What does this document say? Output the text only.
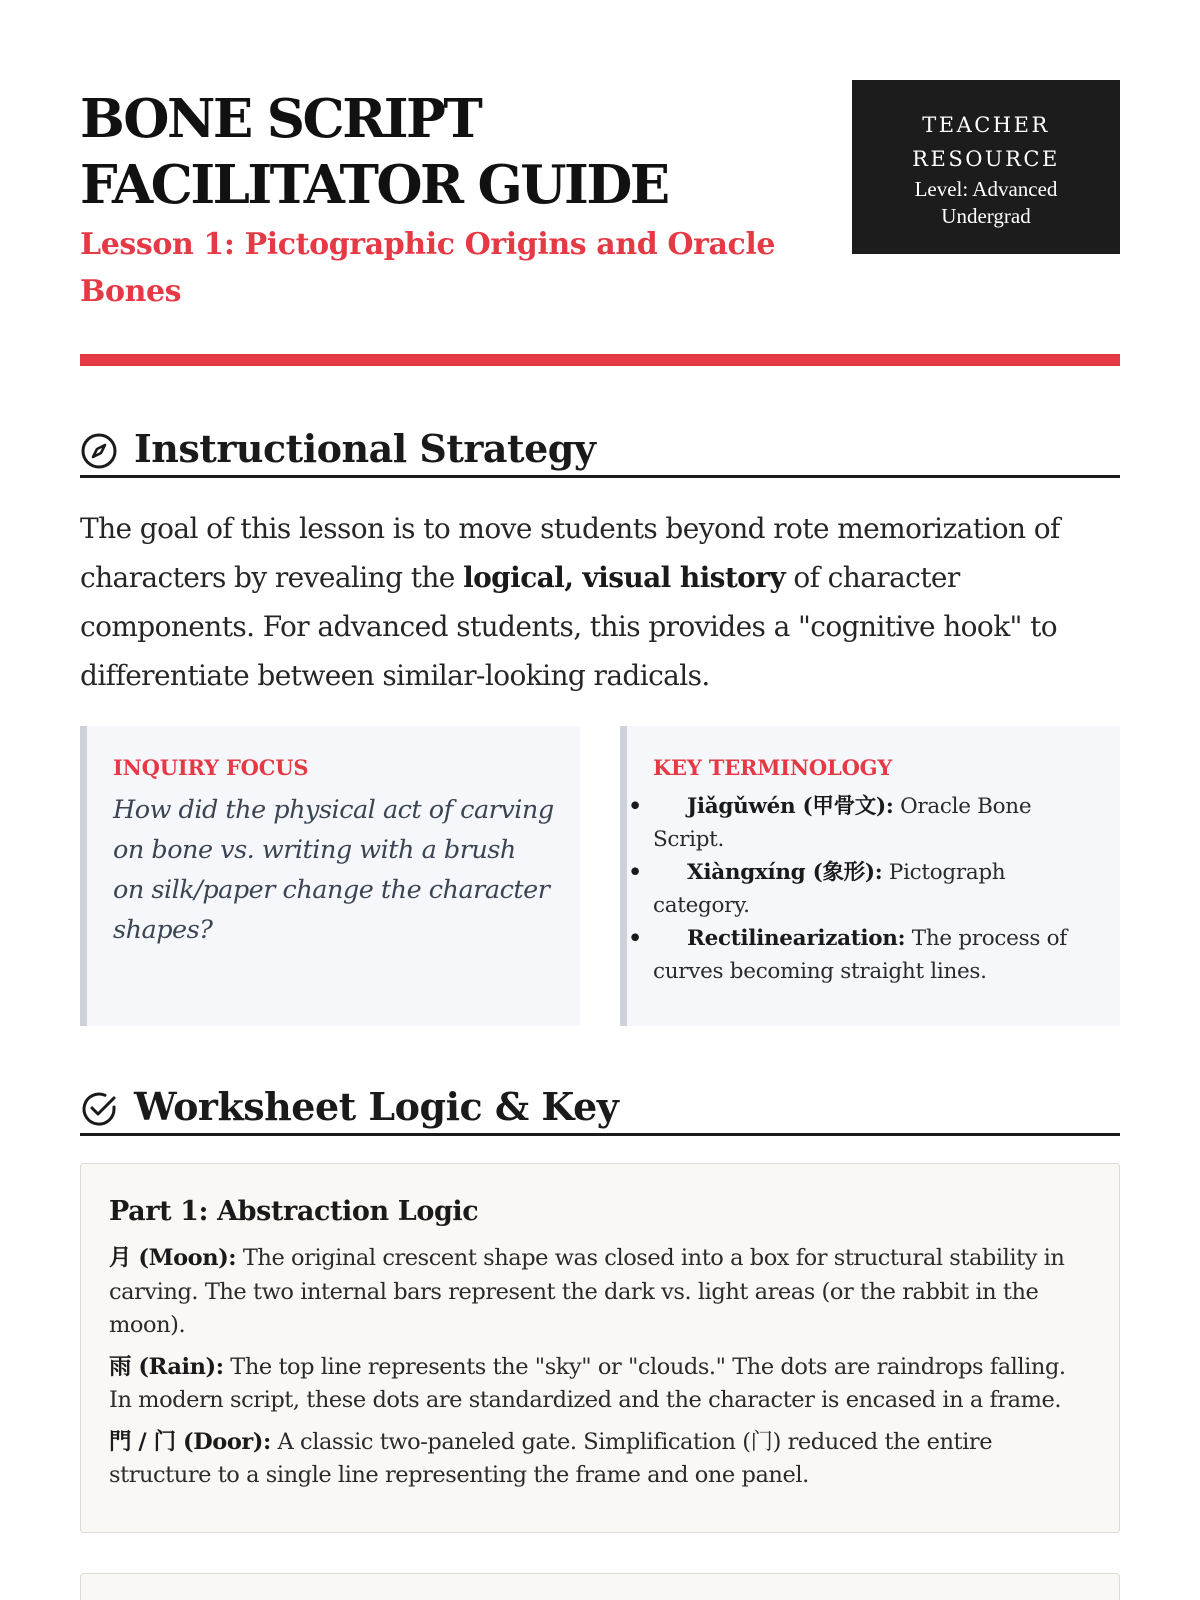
BONE SCRIPT
FACILITATOR GUIDE
Lesson 1: Pictographic Origins and Oracle Bones
TEACHER
RESOURCE
Level: Advanced
Undergrad
Instructional Strategy

The goal of this lesson is to move students beyond rote memorization of characters by revealing the logical, visual history of character components. For advanced students, this provides a "cognitive hook" to differentiate between similar-looking radicals.

INQUIRY FOCUS
How did the physical act of carving on bone vs. writing with a brush on silk/paper change the character shapes?
KEY TERMINOLOGY
• Jiǎgǔwén (甲骨文): Oracle Bone Script.
• Xiàngxíng (象形): Pictograph category.
• Rectilinearization: The process of curves becoming straight lines.
Worksheet Logic & Key
Part 1: Abstraction Logic

月 (Moon): The original crescent shape was closed into a box for structural stability in carving. The two internal bars represent the dark vs. light areas (or the rabbit in the moon).

雨 (Rain): The top line represents the "sky" or "clouds." The dots are raindrops falling. In modern script, these dots are standardized and the character is encased in a frame.

門 / 门 (Door): A classic two-paneled gate. Simplification (门) reduced the entire structure to a single line representing the frame and one panel.
